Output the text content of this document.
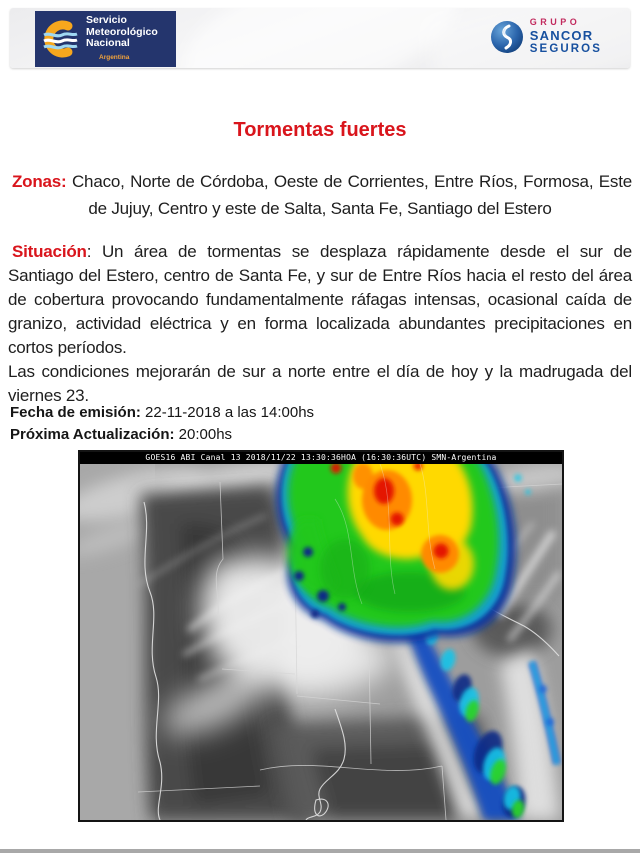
Servicio
Meteorológico
Nacional
Argentina
GRUPO
SANCOR
SEGUROS
Tormentas fuertes
Zonas: Chaco, Norte de Córdoba, Oeste de Corrientes, Entre Ríos, Formosa, Este de Jujuy, Centro y este de Salta, Santa Fe, Santiago del Estero

Situación: Un área de tormentas se desplaza rápidamente desde el sur de Santiago del Estero, centro de Santa Fe, y sur de Entre Ríos hacia el resto del área de cobertura provocando fundamentalmente ráfagas intensas, ocasional caída de granizo, actividad eléctrica y en forma localizada abundantes precipitaciones en cortos períodos.

Las condiciones mejorarán de sur a norte entre el día de hoy y la madrugada del viernes 23.

Fecha de emisión: 22-11-2018 a las 14:00hs
Próxima Actualización: 20:00hs
GOES16 ABI Canal 13 2018/11/22 13:30:36HOA (16:30:36UTC) SMN-Argentina
